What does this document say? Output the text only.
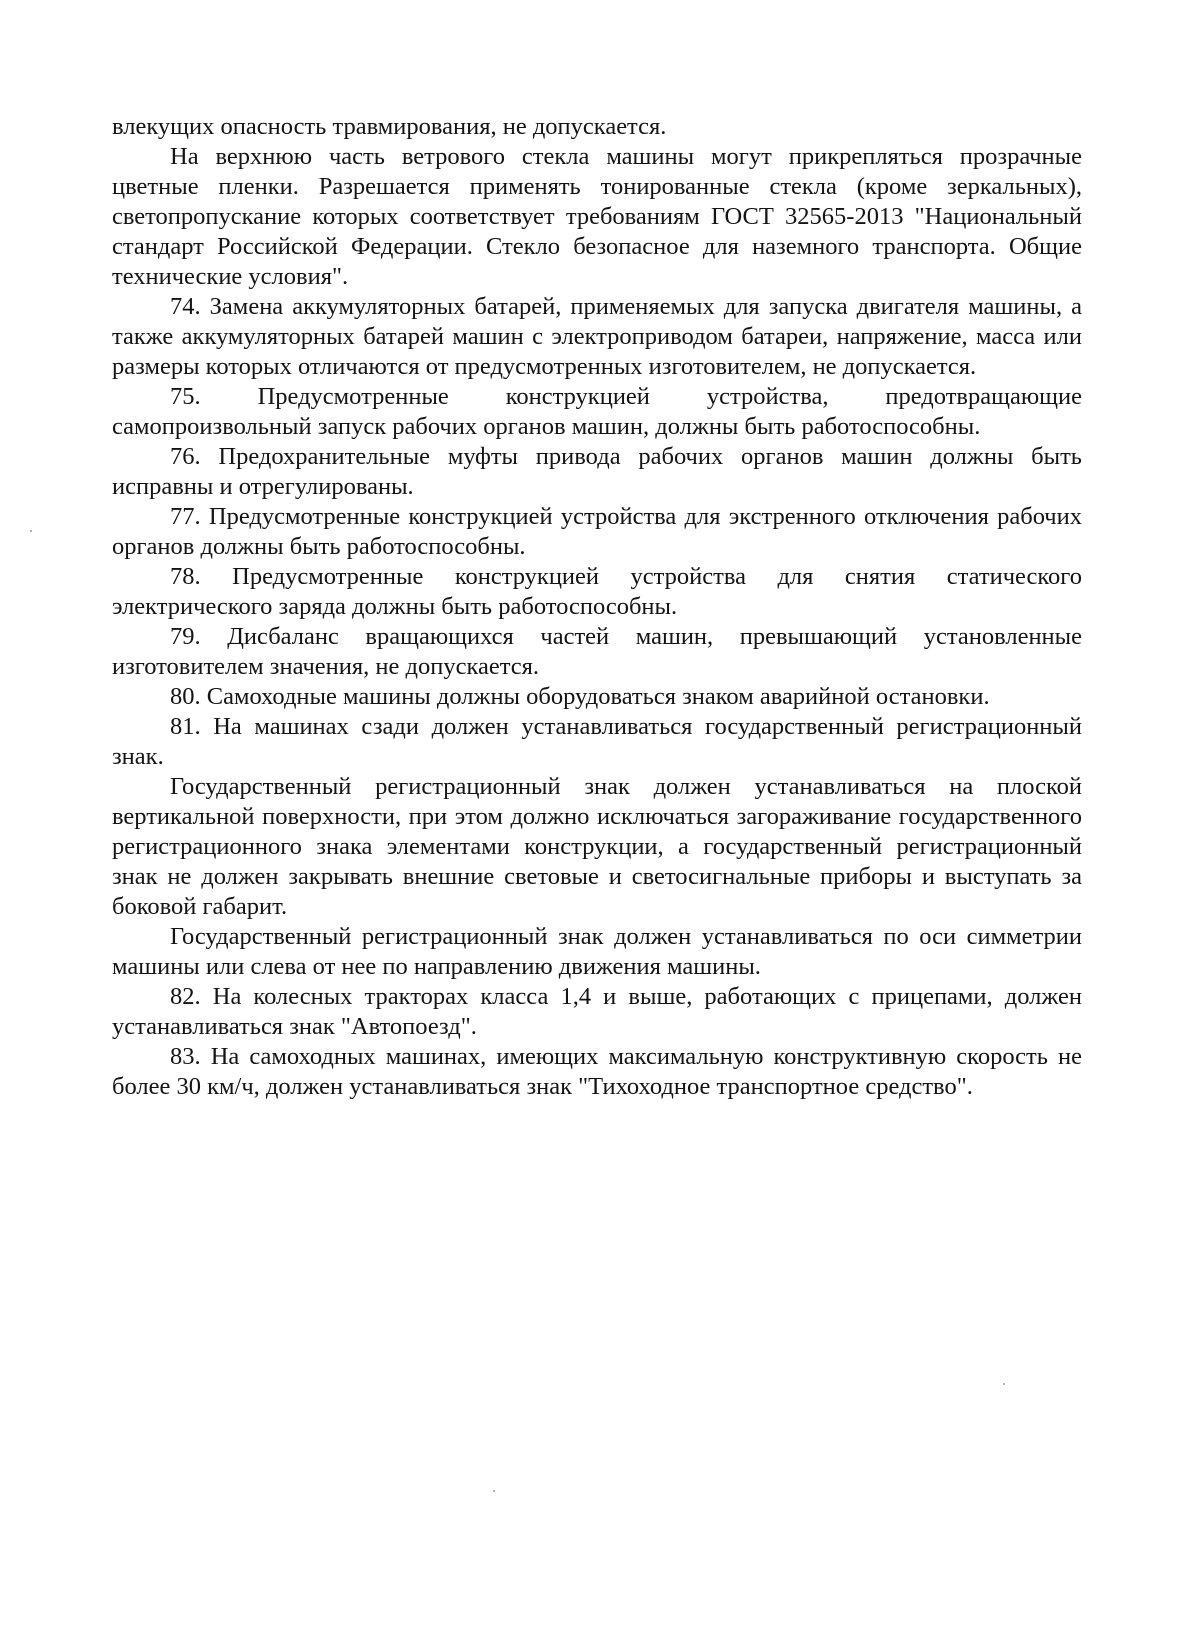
влекущих опасность травмирования, не допускается.

На верхнюю часть ветрового стекла машины могут прикрепляться прозрачные цветные пленки. Разрешается применять тонированные стекла (кроме зеркальных), светопропускание которых соответствует требованиям ГОСТ 32565-2013 "Национальный стандарт Российской Федерации. Стекло безопасное для наземного транспорта. Общие технические условия".

74. Замена аккумуляторных батарей, применяемых для запуска двигателя машины, а также аккумуляторных батарей машин с электроприводом батареи, напряжение, масса или размеры которых отличаются от предусмотренных изготовителем, не допускается.

75. Предусмотренные конструкцией устройства, предотвращающие самопроизвольный запуск рабочих органов машин, должны быть работоспособны.

76. Предохранительные муфты привода рабочих органов машин должны быть исправны и отрегулированы.

77. Предусмотренные конструкцией устройства для экстренного отключения рабочих органов должны быть работоспособны.

78. Предусмотренные конструкцией устройства для снятия статического электрического заряда должны быть работоспособны.

79. Дисбаланс вращающихся частей машин, превышающий установленные изготовителем значения, не допускается.

80. Самоходные машины должны оборудоваться знаком аварийной остановки.

81. На машинах сзади должен устанавливаться государственный регистрационный знак.

Государственный регистрационный знак должен устанавливаться на плоской вертикальной поверхности, при этом должно исключаться загораживание государственного регистрационного знака элементами конструкции, а государственный регистрационный знак не должен закрывать внешние световые и светосигнальные приборы и выступать за боковой габарит.

Государственный регистрационный знак должен устанавливаться по оси симметрии машины или слева от нее по направлению движения машины.

82. На колесных тракторах класса 1,4 и выше, работающих с прицепами, должен устанавливаться знак "Автопоезд".

83. На самоходных машинах, имеющих максимальную конструктивную скорость не более 30 км/ч, должен устанавливаться знак "Тихоходное транспортное средство".
